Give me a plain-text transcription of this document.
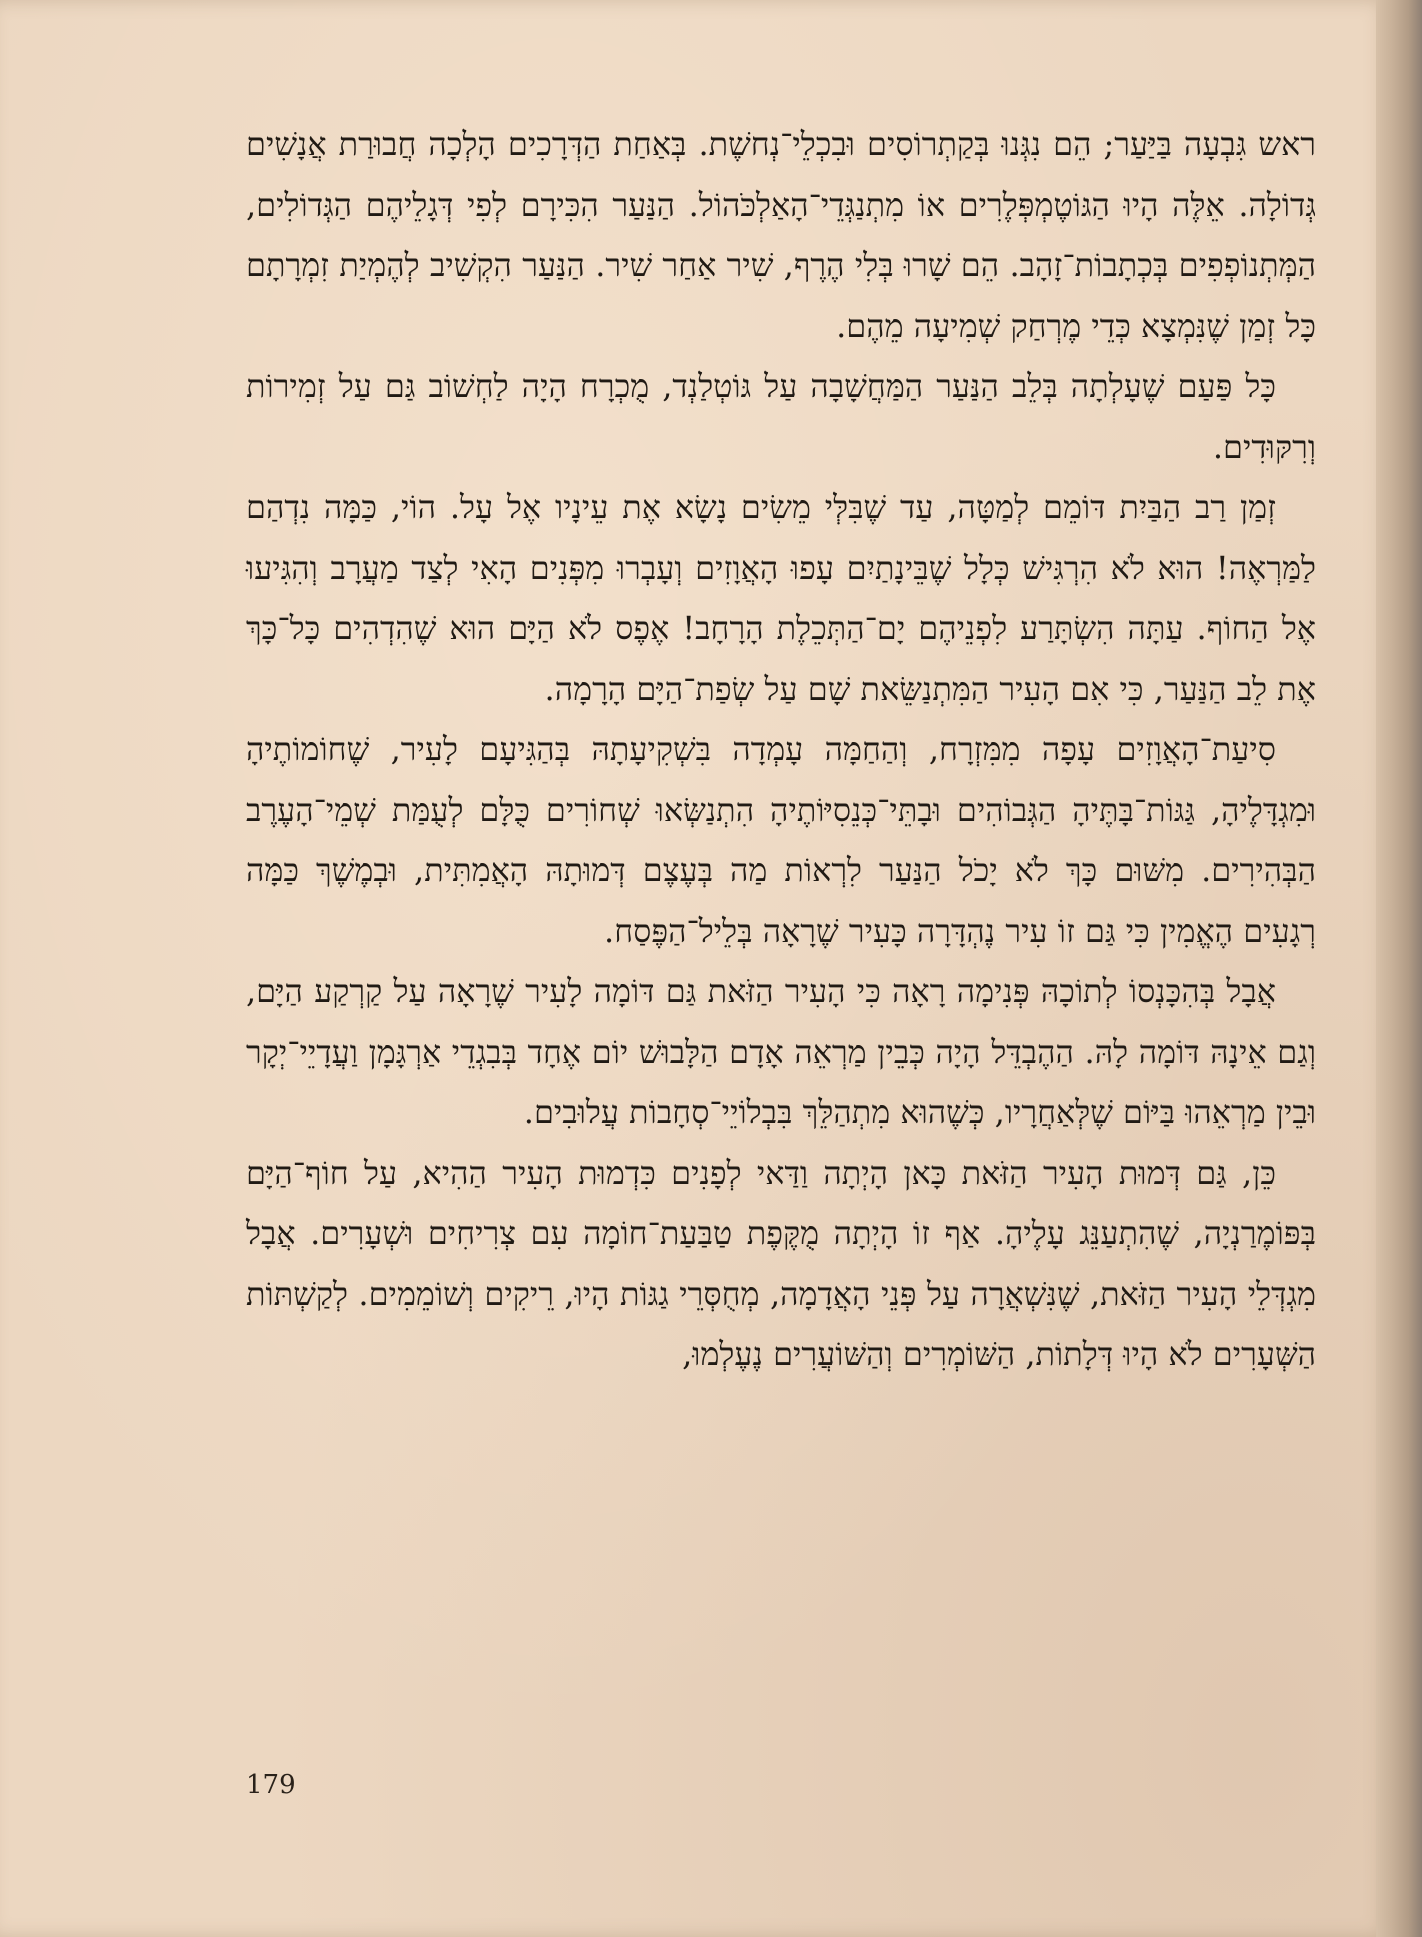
ראש גִּבְעָה בַּיַּעַר; הֵם נִגְּנוּ בְּקַתְרוֹסִים וּבִכְלֵי־נְחשֶׁת. בְּאַחַת הַדְּרָכִים הָלְכָה חֲבוּרַת אֲנָשִׁים גְּדוֹלָה. אֵלֶּה הָיוּ הַגּוֹטֶמְפְּלֶרִים אוֹ מִתְנַגְּדֵי־הָאַלְכֹּהוֹל. הַנַּעַר הִכִּירָם לְפִי דְּגָלֵיהֶם הַגְּדוֹלִים, הַמְּתְנוֹפְפִים בְּכְתָבוֹת־זָהָב. הֵם שָׁרוּ בְּלִי הֶרֶף, שִׁיר אַחַר שִׁיר. הַנַּעַר הִקְשִׁיב לְהֶמְיַת זִמְרָתָם כָּל זְמַן שֶׁנִּמְצָא כְּדֵי מֶרְחַק שְׁמִיעָה מֵהֶם.

כָּל פַּעַם שֶׁעָלְתָה בְּלֵב הַנַּעַר הַמַּחֲשָׁבָה עַל גּוֹטְלַנְד, מֻכְרָח הָיָה לַחְשׁוֹב גַּם עַל זְמִירוֹת וְרִקּוּדִים.

זְמַן רַב הַבַּיִת דּוֹמֵם לְמַטָּה, עַד שֶׁבִּלְּי מֵשִׂים נָשָׂא אֶת עֵינָיו אֶל עָל. הוֹי, כַּמָּה נִדְהַם לַמַּרְאֶה! הוּא לֹא הִרְגִּישׁ כְּלָל שֶׁבֵּינָתַיִם עָפוּ הָאֲוָזִים וְעָבְרוּ מִפְּנִים הָאִי לְצַד מַעֲרָב וְהִגִּיעוּ אֶל הַחוֹף. עַתָּה הִשְׂתָּרַע לִפְנֵיהֶם יָם־הַתְּכֵלֶת הָרָחָב! אֶפֶס לֹא הַיָּם הוּא שֶׁהִדְהִים כָּל־כָּךְ אֶת לֵב הַנַּעַר, כִּי אִם הָעִיר הַמִּתְנַשֵּׂאת שָׁם עַל שְׂפַת־הַיָּם הָרָמָה.

סִיעַת־הָאֲוָזִים עָפָה מִמִּזְרָח, וְהַחַמָּה עָמְדָה בִּשְׁקִיעָתָהּ בְּהַגִּיעָם לָעִיר, שֶׁחוֹמוֹתֶיהָ וּמִגְדָּלֶיהָ, גַּגּוֹת־בָּתֶּיהָ הַגְּבוֹהִים וּבָתֵּי־כְּנֵסִיּוֹתֶיהָ הִתְנַשְּׂאוּ שְׁחוֹרִים כֻּלָּם לְעֻמַּת שְׁמֵי־הָעֶרֶב הַבְּהִירִים. מִשּׁוּם כָּךְ לֹא יָכֹל הַנַּעַר לִרְאוֹת מַה בְּעֶצֶם דְּמוּתָהּ הָאֲמִתִּית, וּבְמֶשֶׁךְ כַּמָּה רְגָעִים הֶאֱמִין כִּי גַּם זוֹ עִיר נֶהְדָּרָה כָּעִיר שֶׁרָאָה בְּלֵיל־הַפֶּסַח.

אֲבָל בְּהִכָּנְסוֹ לְתוֹכָהּ פְּנִימָה רָאָה כִּי הָעִיר הַזֹּאת גַּם דּוֹמָה לָעִיר שֶׁרָאָה עַל קַרְקַע הַיָּם, וְגַם אֵינָהּ דּוֹמָה לָהּ. הַהֶבְדֵּל הָיָה כְּבֵין מַרְאֵה אָדָם הַלָּבוּשׁ יוֹם אֶחָד בְּבִגְדֵי אַרְגָּמָן וַעֲדָיֵי־יְקָר וּבֵין מַרְאֵהוּ בַּיּוֹם שֶׁלְּאַחֲרָיו, כְּשֶׁהוּא מִתְהַלֵּךְ בִּבְלוֹיֵי־סְחָבוֹת עֲלוּבִים.

כֵּן, גַּם דְּמוּת הָעִיר הַזֹּאת כָּאן הָיְתָה וַדַּאי לְפָנִים כִּדְמוּת הָעִיר הַהִיא, עַל חוֹף־הַיָּם בְּפּוֹמֶרַנְיָה, שֶׁהִתְעַנֵּג עָלֶיהָ. אַף זוֹ הָיְתָה מֻקֶּפֶת טַבַּעַת־חוֹמָה עִם צְרִיחִים וּשְׁעָרִים. אֲבָל מִגְדְּלֵי הָעִיר הַזֹּאת, שֶׁנִּשְׁאֲרָה עַל פְּנֵי הָאֲדָמָה, מְחֻסְּרֵי גַגּוֹת הָיוּ, רֵיקִים וְשׁוֹמֵמִים. לְקַשְׁתּוֹת הַשְּׁעָרִים לֹא הָיוּ דְּלָתוֹת, הַשּׁוֹמְרִים וְהַשּׁוֹעֲרִים נֶעֶלְמוּ,

179
